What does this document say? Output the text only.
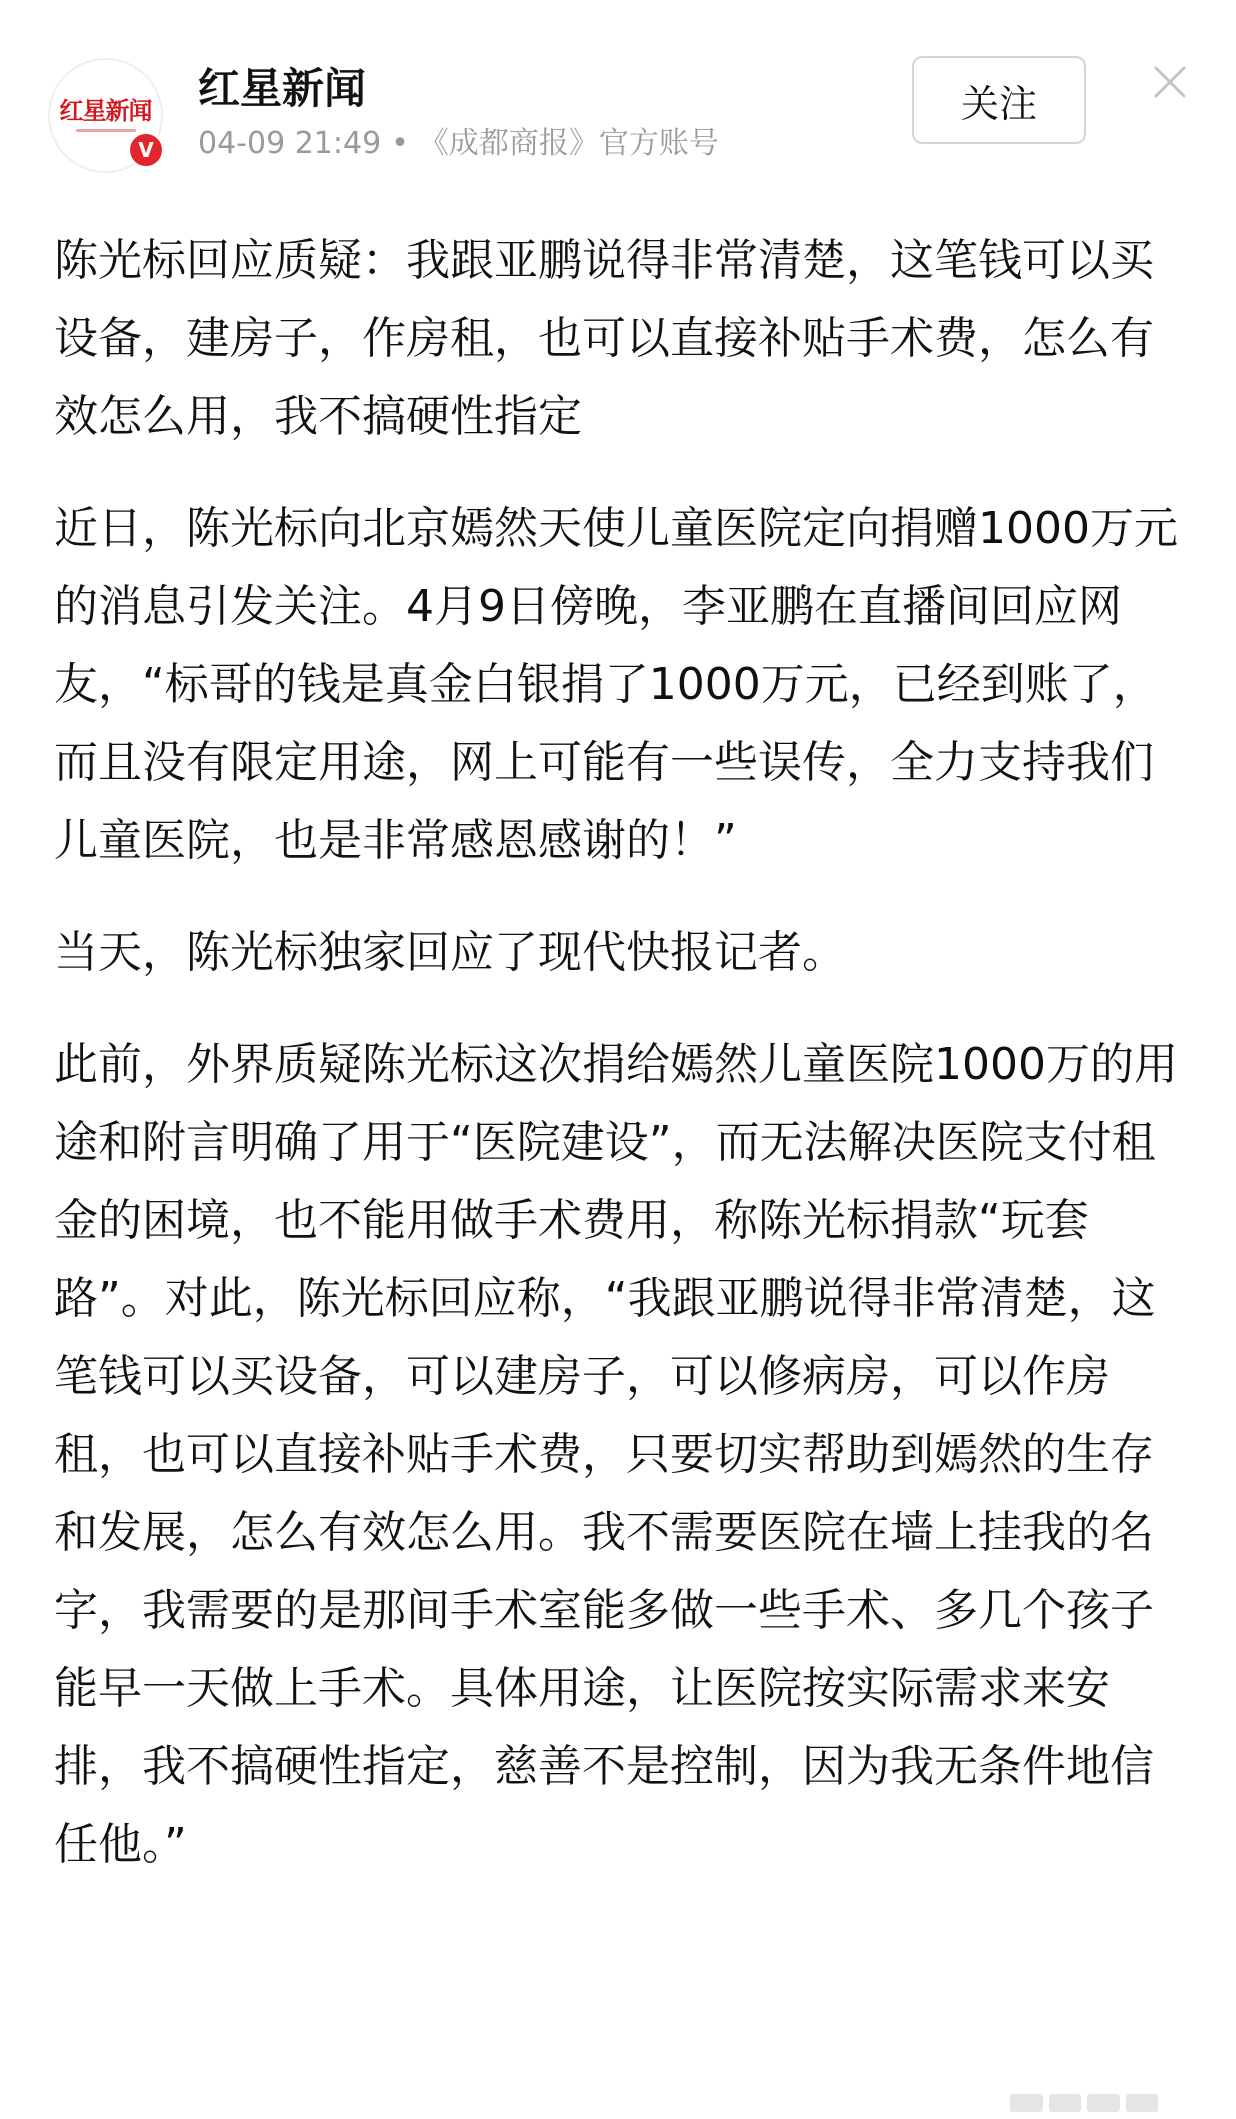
红星新闻
V
红星新闻
04-09 21:49 • 《成都商报》官方账号
关注

陈光标回应质疑：我跟亚鹏说得非常清楚，这笔钱可以买设备，建房子，作房租，也可以直接补贴手术费，怎么有效怎么用，我不搞硬性指定

近日，陈光标向北京嫣然天使儿童医院定向捐赠1000万元的消息引发关注。4月9日傍晚，李亚鹏在直播间回应网友，“标哥的钱是真金白银捐了1000万元，已经到账了，而且没有限定用途，网上可能有一些误传，全力支持我们儿童医院，也是非常感恩感谢的！”

当天，陈光标独家回应了现代快报记者。

此前，外界质疑陈光标这次捐给嫣然儿童医院1000万的用途和附言明确了用于“医院建设”，而无法解决医院支付租金的困境，也不能用做手术费用，称陈光标捐款“玩套路”。对此，陈光标回应称，“我跟亚鹏说得非常清楚，这笔钱可以买设备，可以建房子，可以修病房，可以作房租，也可以直接补贴手术费，只要切实帮助到嫣然的生存和发展，怎么有效怎么用。我不需要医院在墙上挂我的名字，我需要的是那间手术室能多做一些手术、多几个孩子能早一天做上手术。具体用途，让医院按实际需求来安排，我不搞硬性指定，慈善不是控制，因为我无条件地信任他。”
